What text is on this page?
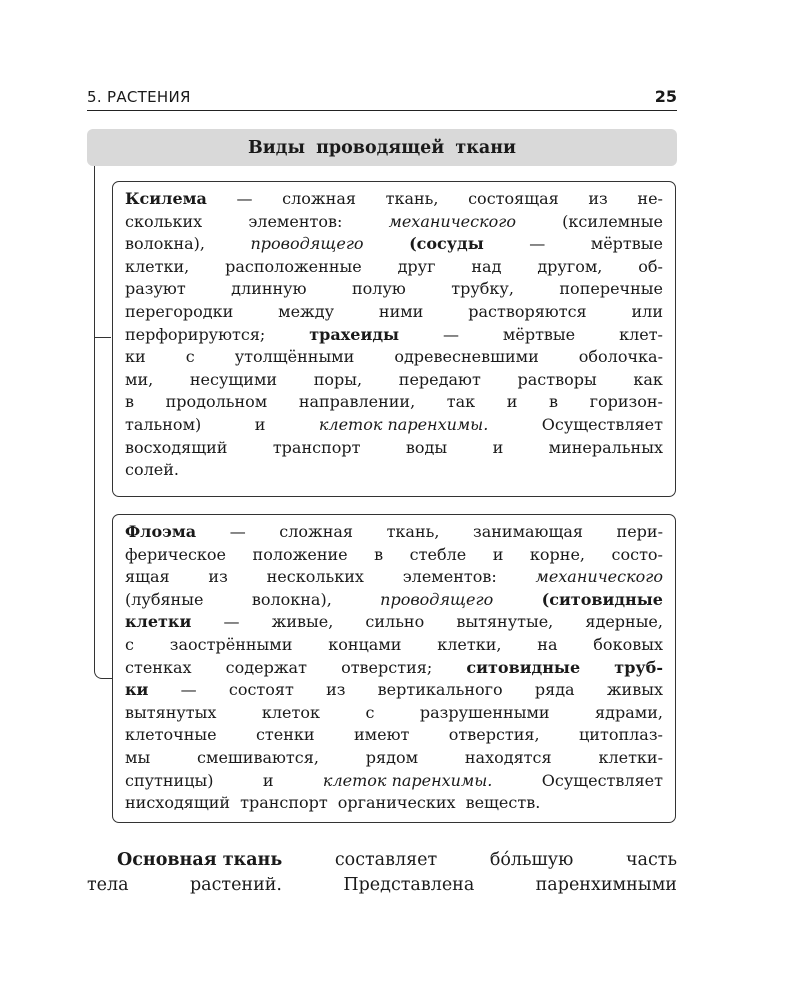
5. РАСТЕНИЯ	25
Виды проводящей ткани
Ксилема — сложная ткань, состоящая из не-
скольких	элементов:	механического	(ксилемные
волокна),	проводящего	(сосуды	—	мёртвые
клетки, расположенные друг над другом, об-
разуют	длинную	полую	трубку,	поперечные
перегородки	между	ними	растворяются	или
перфорируются;	трахеиды	—	мёртвые	клет-
ки	с	утолщёнными	одревесневшими	оболочка-
ми, несущими поры, передают растворы как
в продольном направлении, так и в горизон-
тальном)	и	клеток паренхимы.	Осуществляет
восходящий	транспорт	воды	и	минеральных
солей.
Флоэма — сложная ткань, занимающая пери-
ферическое положение в стебле и корне, состо-
ящая из нескольких элементов: механического
(лубяные	волокна),	проводящего	(ситовидные
клетки — живые, сильно вытянутые, ядерные,
с заострёнными концами клетки, на боковых
стенках содержат отверстия; ситовидные труб-
ки — состоят из вертикального ряда живых
вытянутых	клеток	с	разрушенными	ядрами,
клеточные стенки имеют отверстия, цитоплаз-
мы	смешиваются,	рядом	находятся	клетки-
спутницы)	и	клеток паренхимы.	Осуществляет
нисходящий транспорт органических веществ.
Основная ткань	составляет	бóльшую	часть
тела	растений.	Представлена	паренхимными
